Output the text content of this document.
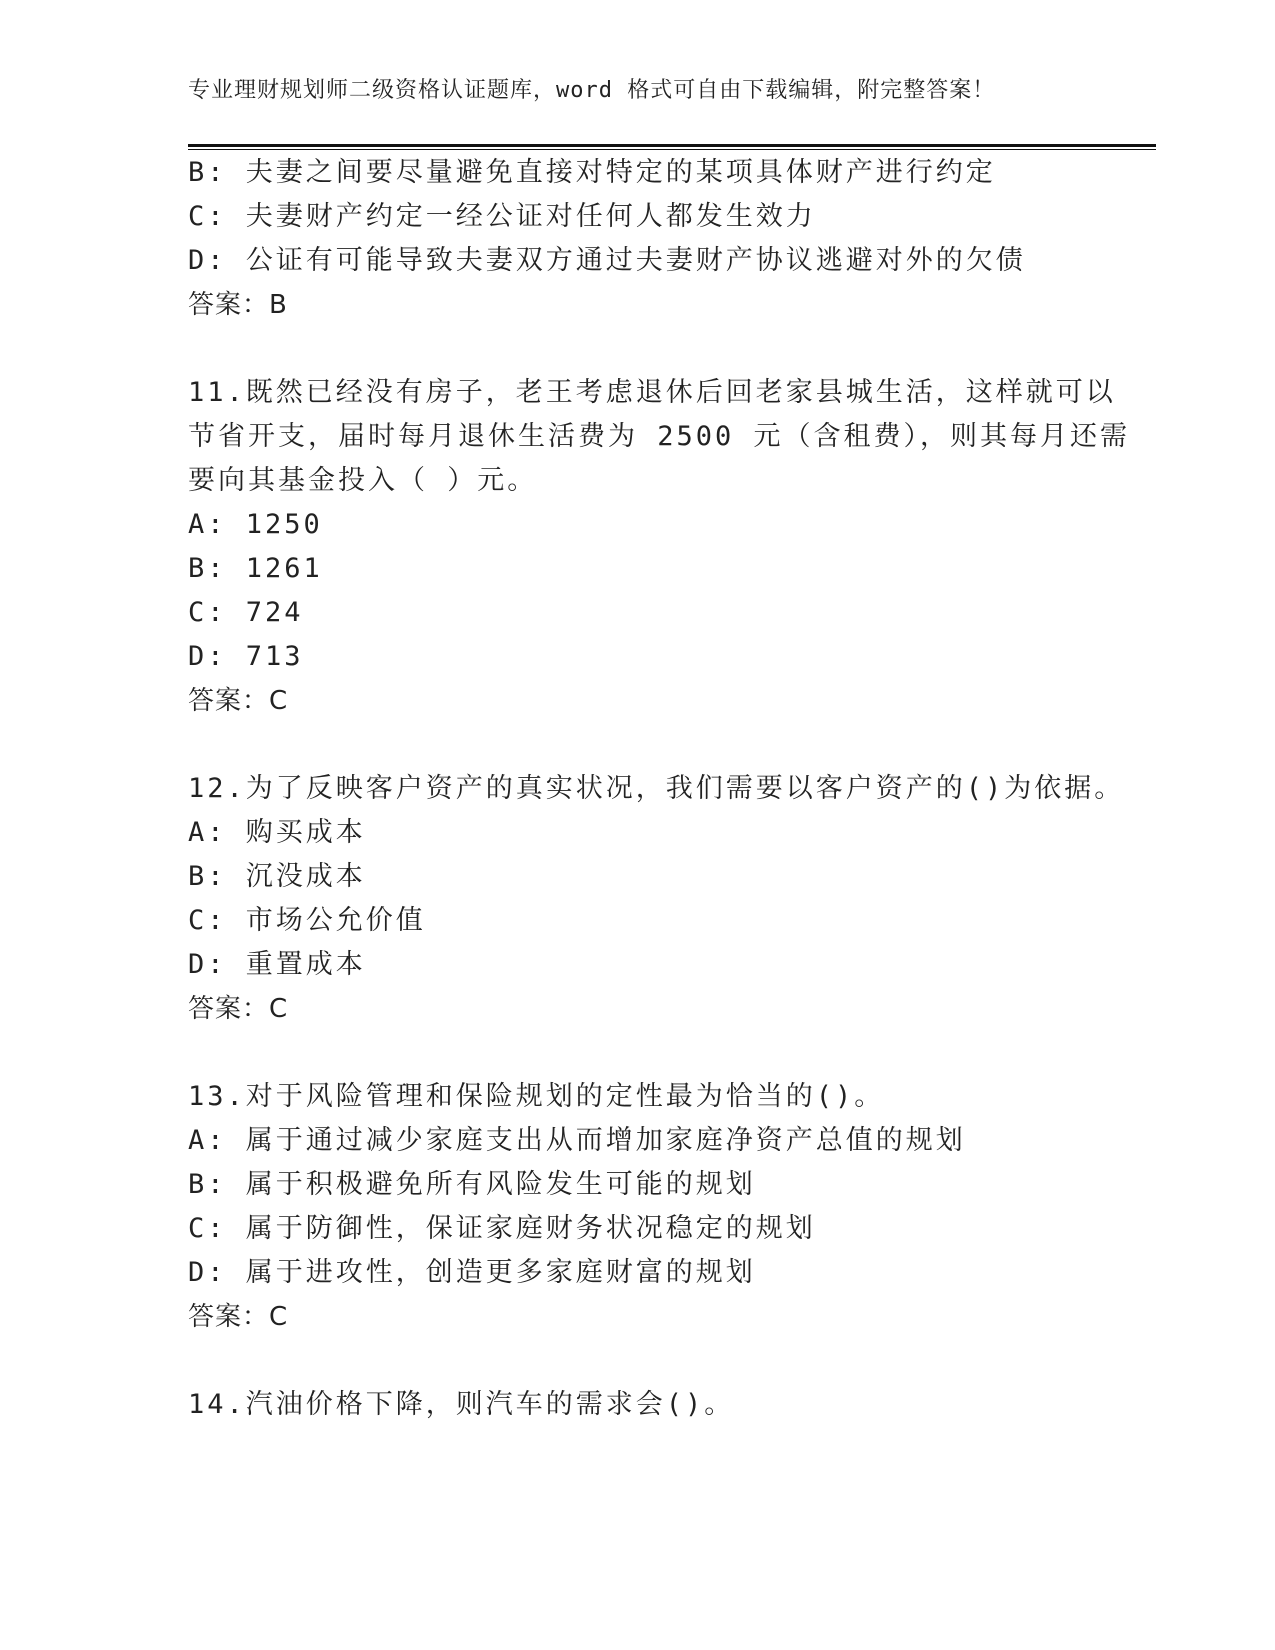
专业理财规划师二级资格认证题库，word 格式可自由下载编辑，附完整答案！
B: 夫妻之间要尽量避免直接对特定的某项具体财产进行约定
C: 夫妻财产约定一经公证对任何人都发生效力
D: 公证有可能导致夫妻双方通过夫妻财产协议逃避对外的欠债
答案：B
11.既然已经没有房子，老王考虑退休后回老家县城生活，这样就可以
节省开支，届时每月退休生活费为 2500 元（含租费），则其每月还需
要向其基金投入（ ）元。
A: 1250
B: 1261
C: 724
D: 713
答案：C
12.为了反映客户资产的真实状况，我们需要以客户资产的()为依据。
A: 购买成本
B: 沉没成本
C: 市场公允价值
D: 重置成本
答案：C
13.对于风险管理和保险规划的定性最为恰当的()。
A: 属于通过减少家庭支出从而增加家庭净资产总值的规划
B: 属于积极避免所有风险发生可能的规划
C: 属于防御性，保证家庭财务状况稳定的规划
D: 属于进攻性，创造更多家庭财富的规划
答案：C
14.汽油价格下降，则汽车的需求会()。
